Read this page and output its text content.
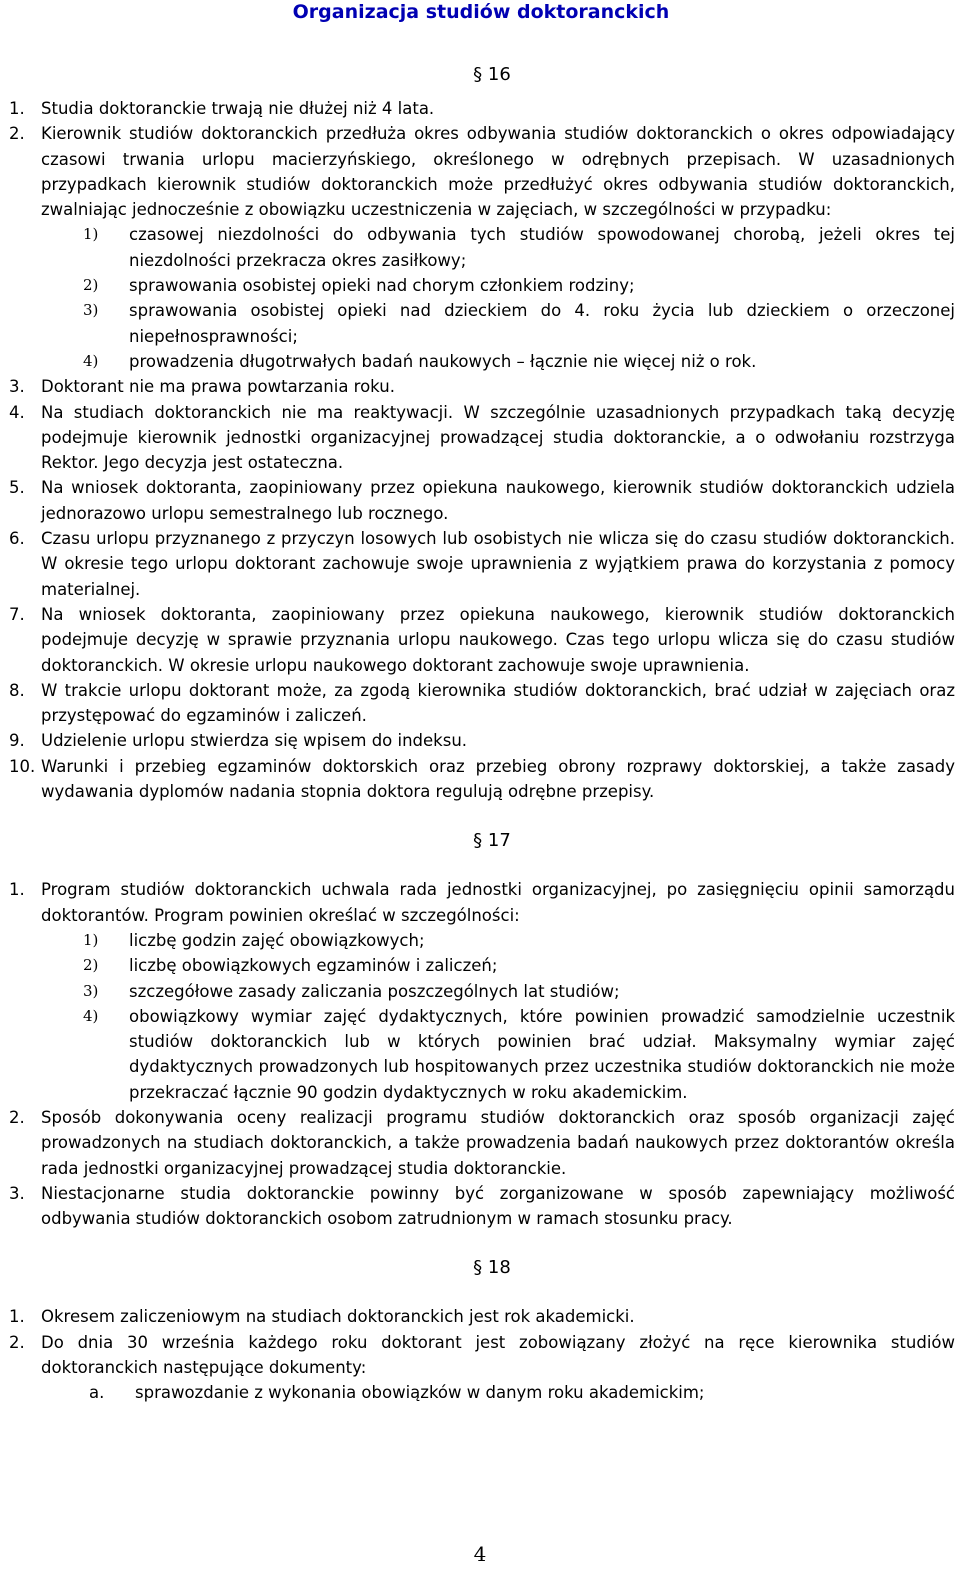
Organizacja studiów doktoranckich
§ 16
1. Studia doktoranckie trwają nie dłużej niż 4 lata.
2. Kierownik studiów doktoranckich przedłuża okres odbywania studiów doktoranckich o okres odpowiadający czasowi trwania urlopu macierzyńskiego, określonego w odrębnych przepisach. W uzasadnionych przypadkach kierownik studiów doktoranckich może przedłużyć okres odbywania studiów doktoranckich, zwalniając jednocześnie z obowiązku uczestniczenia w zajęciach, w szczególności w przypadku:
1)	czasowej niezdolności do odbywania tych studiów spowodowanej chorobą, jeżeli okres tej niezdolności przekracza okres zasiłkowy;
2)	sprawowania osobistej opieki nad chorym członkiem rodziny;
3)	sprawowania osobistej opieki nad dzieckiem do 4. roku życia lub dzieckiem o orzeczonej niepełnosprawności;
4)	prowadzenia długotrwałych badań naukowych – łącznie nie więcej niż o rok.
3. Doktorant nie ma prawa powtarzania roku.
4. Na studiach doktoranckich nie ma reaktywacji. W szczególnie uzasadnionych przypadkach taką decyzję podejmuje kierownik jednostki organizacyjnej prowadzącej studia doktoranckie, a o odwołaniu rozstrzyga Rektor. Jego decyzja jest ostateczna.
5. Na wniosek doktoranta, zaopiniowany przez opiekuna naukowego, kierownik studiów doktoranckich udziela jednorazowo urlopu semestralnego lub rocznego.
6. Czasu urlopu przyznanego z przyczyn losowych lub osobistych nie wlicza się do czasu studiów doktoranckich. W okresie tego urlopu doktorant zachowuje swoje uprawnienia z wyjątkiem prawa do korzystania z pomocy materialnej.
7. Na wniosek doktoranta, zaopiniowany przez opiekuna naukowego, kierownik studiów doktoranckich podejmuje decyzję w sprawie przyznania urlopu naukowego. Czas tego urlopu wlicza się do czasu studiów doktoranckich. W okresie urlopu naukowego doktorant zachowuje swoje uprawnienia.
8. W trakcie urlopu doktorant może, za zgodą kierownika studiów doktoranckich, brać udział w zajęciach oraz przystępować do egzaminów i zaliczeń.
9. Udzielenie urlopu stwierdza się wpisem do indeksu.
10. Warunki i przebieg egzaminów doktorskich oraz przebieg obrony rozprawy doktorskiej, a także zasady wydawania dyplomów nadania stopnia doktora regulują odrębne przepisy.
§ 17
1. Program studiów doktoranckich uchwala rada jednostki organizacyjnej, po zasięgnięciu opinii samorządu doktorantów. Program powinien określać w szczególności:
1)	liczbę godzin zajęć obowiązkowych;
2)	liczbę obowiązkowych egzaminów i zaliczeń;
3)	szczegółowe zasady zaliczania poszczególnych lat studiów;
4)	obowiązkowy wymiar zajęć dydaktycznych, które powinien prowadzić samodzielnie uczestnik studiów doktoranckich lub w których powinien brać udział. Maksymalny wymiar zajęć dydaktycznych prowadzonych lub hospitowanych przez uczestnika studiów doktoranckich nie może przekraczać łącznie 90 godzin dydaktycznych w roku akademickim.
2. Sposób dokonywania oceny realizacji programu studiów doktoranckich oraz sposób organizacji zajęć prowadzonych na studiach doktoranckich, a także prowadzenia badań naukowych przez doktorantów określa rada jednostki organizacyjnej prowadzącej studia doktoranckie.
3. Niestacjonarne studia doktoranckie powinny być zorganizowane w sposób zapewniający możliwość odbywania studiów doktoranckich osobom zatrudnionym w ramach stosunku pracy.
§ 18
1. Okresem zaliczeniowym na studiach doktoranckich jest rok akademicki.
2. Do dnia 30 września każdego roku doktorant jest zobowiązany złożyć na ręce kierownika studiów doktoranckich następujące dokumenty:
a.	sprawozdanie z wykonania obowiązków w danym roku akademickim;
4
